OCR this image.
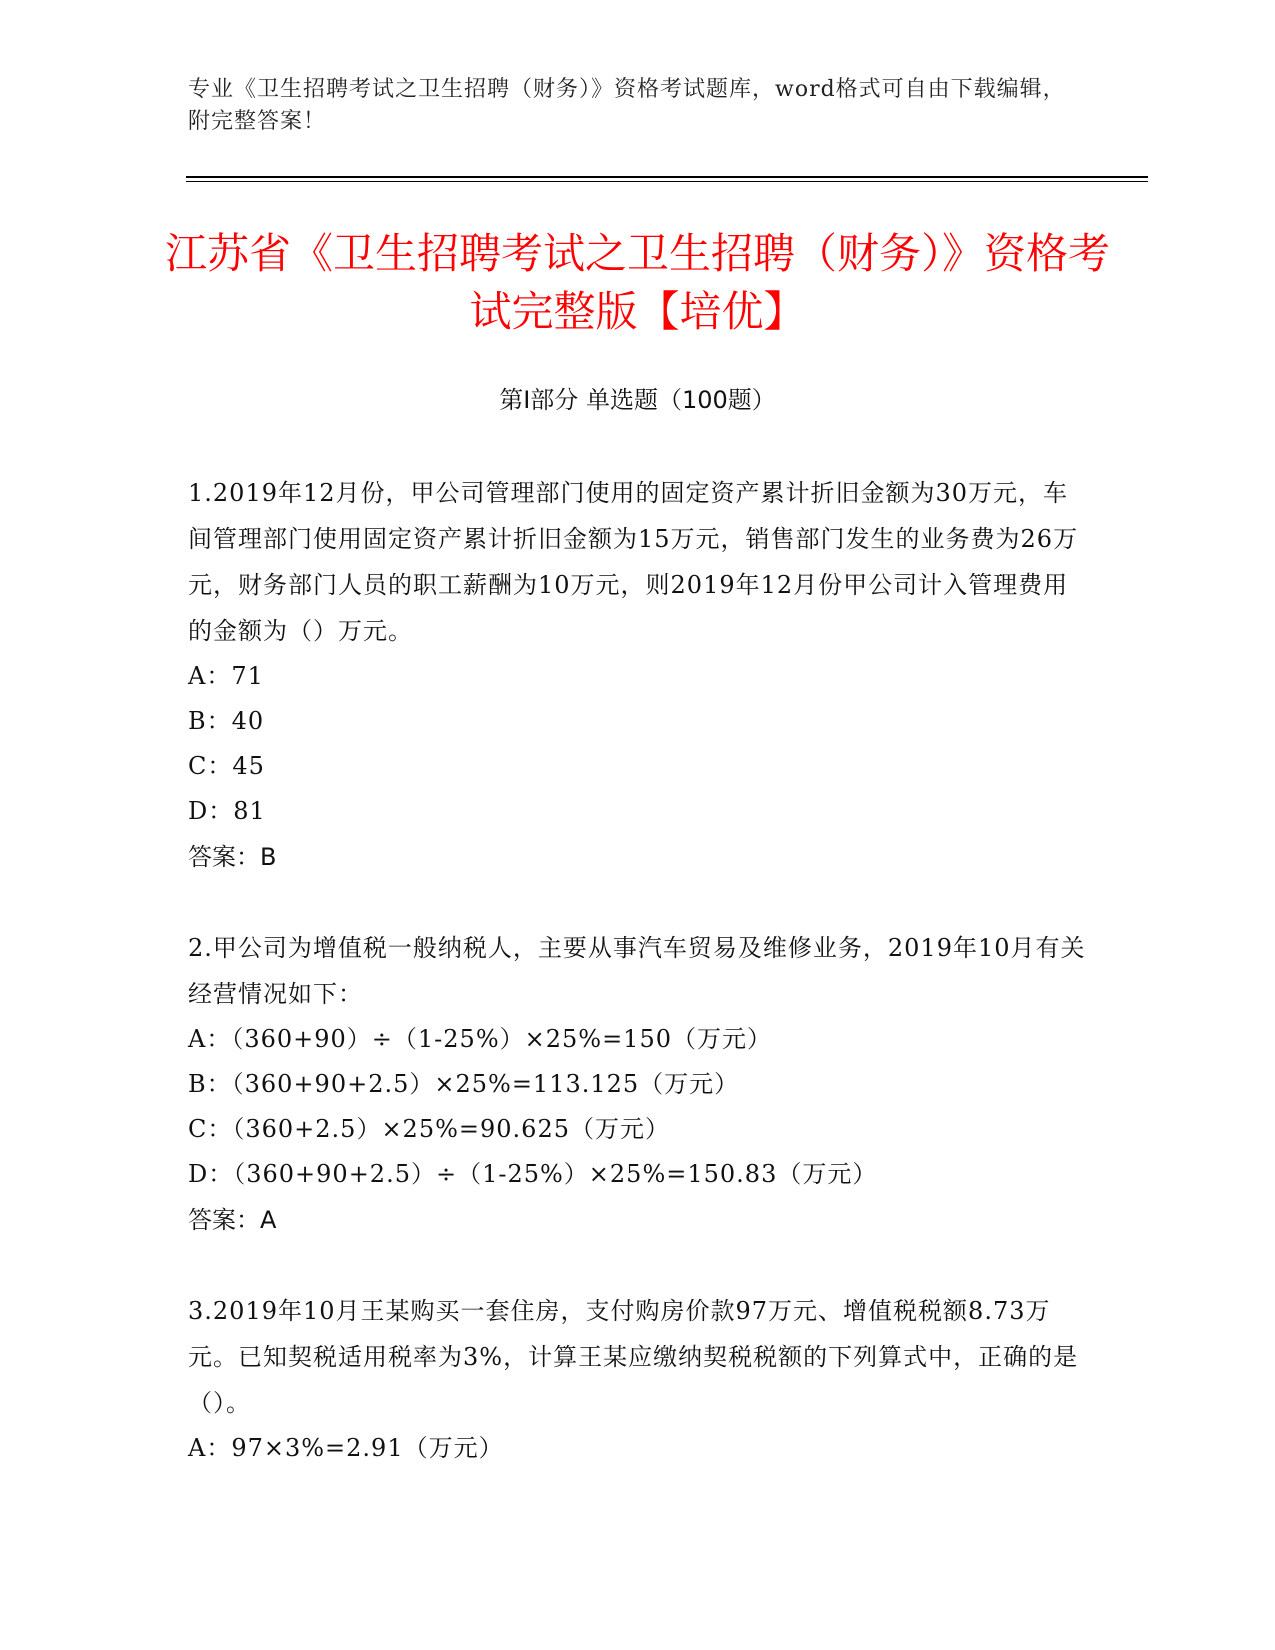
专业《卫生招聘考试之卫生招聘（财务）》资格考试题库，word格式可自由下载编辑，附完整答案！
江苏省《卫生招聘考试之卫生招聘（财务）》资格考试完整版【培优】
第I部分 单选题（100题）
1.2019年12月份，甲公司管理部门使用的固定资产累计折旧金额为30万元，车间管理部门使用固定资产累计折旧金额为15万元，销售部门发生的业务费为26万元，财务部门人员的职工薪酬为10万元，则2019年12月份甲公司计入管理费用的金额为（）万元。
A：71
B：40
C：45
D：81
答案：B
2.甲公司为增值税一般纳税人，主要从事汽车贸易及维修业务，2019年10月有关经营情况如下：
A：（360+90）÷（1-25%）×25%=150（万元）
B：（360+90+2.5）×25%=113.125（万元）
C：（360+2.5）×25%=90.625（万元）
D：（360+90+2.5）÷（1-25%）×25%=150.83（万元）
答案：A
3.2019年10月王某购买一套住房，支付购房价款97万元、增值税税额8.73万元。已知契税适用税率为3%，计算王某应缴纳契税税额的下列算式中，正确的是（）。
A：97×3%=2.91（万元）
